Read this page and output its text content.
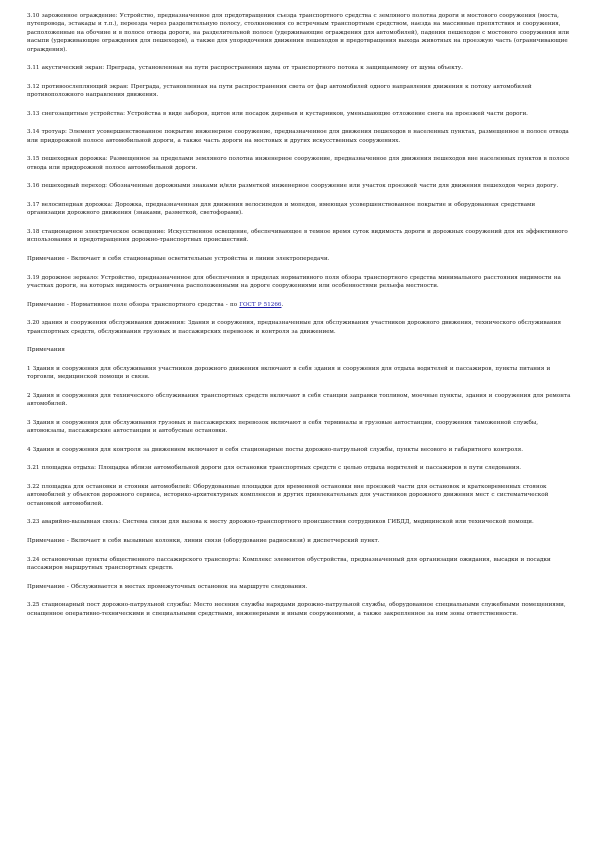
3.10 зароженное ограждение: Устройство, предназначенное для предотвращения съезда транспортного средства с земляного полотна дороги и мостового сооружения (моста, путепровода, эстакады и т.п.), переезда через разделительную полосу, столкновения со встречным транспортным средством, наезда на массивные препятствия и сооружения, расположенные на обочине и в полосе отвода дороги, на разделительной полосе (удерживающие ограждения для автомобилей), падения пешеходов с мостового сооружения или насыпи (удерживающие ограждения для пешеходов), а также для упорядочения движения пешеходов и предотвращения выхода животных на проезжую часть (ограничивающие ограждения).

3.11 акустический экран: Преграда, установленная на пути распространения шума от транспортного потока к защищаемому от шума объекту.

3.12 противоослепляющий экран: Преграда, установленная на пути распространения света от фар автомобилей одного направления движения к потоку автомобилей противоположного направления движения.

3.13 снегозащитные устройства: Устройства в виде заборов, щитов или посадок деревьев и кустарников, уменьшающие отложение снега на проезжей части дороги.

3.14 тротуар: Элемент усовершенствованное покрытие инженерное сооружение, предназначенное для движения пешеходов в населенных пунктах, размещенное в полосе отвода или придорожной полосе автомобильной дороги, а также часть дороги на мостовых и других искусственных сооружениях.

3.15 пешеходная дорожка: Размещенное за пределами земляного полотна инженерное сооружение, предназначенное для движения пешеходов вне населенных пунктов в полосе отвода или придорожной полосе автомобильной дороги.

3.16 пешеходный переход: Обозначенные дорожными знаками и/или разметкой инженерное сооружение или участок проезжей части для движения пешеходов через дорогу.

3.17 велосипедная дорожка: Дорожка, предназначенная для движения велосипедов и мопедов, имеющая усовершенствованное покрытие и оборудованная средствами организации дорожного движения (знаками, разметкой, светофорами).

3.18 стационарное электрическое освещение: Искусственное освещение, обеспечивающее в темное время суток видимость дороги и дорожных сооружений для их эффективного использования и предотвращения дорожно-транспортных происшествий.

Примечание - Включает в себя стационарные осветительные устройства и линии электропередачи.

3.19 дорожное зеркало: Устройство, предназначенное для обеспечения в пределах нормативного поля обзора транспортного средства минимального расстояния видимости на участках дороги, на которых видимость ограничена расположенными на дороге сооружениями или особенностями рельефа местности.

Примечание - Нормативное поле обзора транспортного средства - по ГОСТ Р 51266.

3.20 здания и сооружения обслуживания движения: Здания и сооружения, предназначенные для обслуживания участников дорожного движения, технического обслуживания транспортных средств, обслуживания грузовых и пассажирских перевозок и контроля за движением.

Примечания

1 Здания и сооружения для обслуживания участников дорожного движения включают в себя здания и сооружения для отдыха водителей и пассажиров, пункты питания и торговли, медицинской помощи и связи.

2 Здания и сооружения для технического обслуживания транспортных средств включают в себя станции заправки топливом, моечные пункты, здания и сооружения для ремонта автомобилей.

3 Здания и сооружения для обслуживания грузовых и пассажирских перевозок включают в себя терминалы и грузовые автостанции, сооружения таможенной службы, автовокзалы, пассажирские автостанции и автобусные остановки.

4 Здания и сооружения для контроля за движением включают в себя стационарные посты дорожно-патрульной службы, пункты весового и габаритного контроля.

3.21 площадка отдыха: Площадка вблизи автомобильной дороги для остановки транспортных средств с целью отдыха водителей и пассажиров в пути следования.

3.22 площадка для остановки и стоянки автомобилей: Оборудованные площадки для временной остановки вне проезжей части для остановок и кратковременных стоянок автомобилей у объектов дорожного сервиса, историко-архитектурных комплексов и других привлекательных для участников дорожного движения мест с систематической остановкой автомобилей.

3.23 аварийно-вызывная связь: Система связи для вызова к месту дорожно-транспортного происшествия сотрудников ГИБДД, медицинской или технической помощи.

Примечание - Включает в себя вызывные колонки, линии связи (оборудование радиосвязи) и диспетчерский пункт.

3.24 остановочные пункты общественного пассажирского транспорта: Комплекс элементов обустройства, предназначенный для организации ожидания, высадки и посадки пассажиров маршрутных транспортных средств.

Примечание - Обслуживается в местах промежуточных остановок на маршруте следования.

3.25 стационарный пост дорожно-патрульной службы: Место несения службы нарядами дорожно-патрульной службы, оборудованное специальными служебными помещениями, оснащенное оперативно-техническими и специальными средствами, инженерными и иными сооружениями, а также закрепленное за ним зоны ответственности.
